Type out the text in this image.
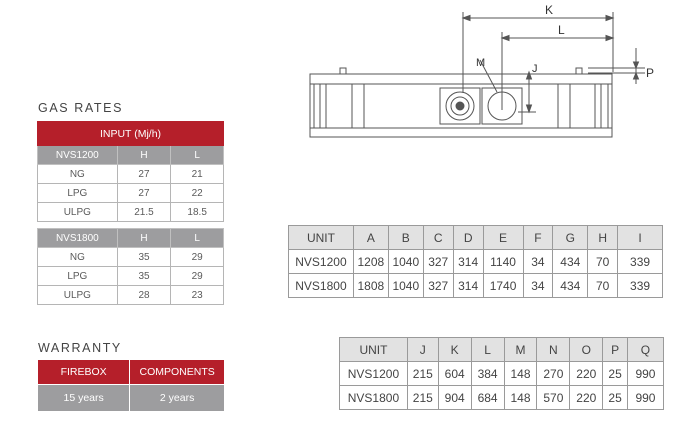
K
L
M	J	P
GAS RATES
INPUT (Mj/h)		
NVS1200	H	L
NG	27	21
LPG	27	22
ULPG	21.5	18.5
NVS1800	H	L
NG	35	29
LPG	35	29
ULPG	28	23
WARRANTY
FIREBOX	COMPONENTS
15 years	2 years
UNIT	A	B	C	D	E	F	G	H	I
NVS1200	1208	1040	327	314	1140	34	434	70	339
NVS1800	1808	1040	327	314	1740	34	434	70	339
UNIT	J	K	L	M	N	O	P	Q
NVS1200	215	604	384	148	270	220	25	990
NVS1800	215	904	684	148	570	220	25	990
